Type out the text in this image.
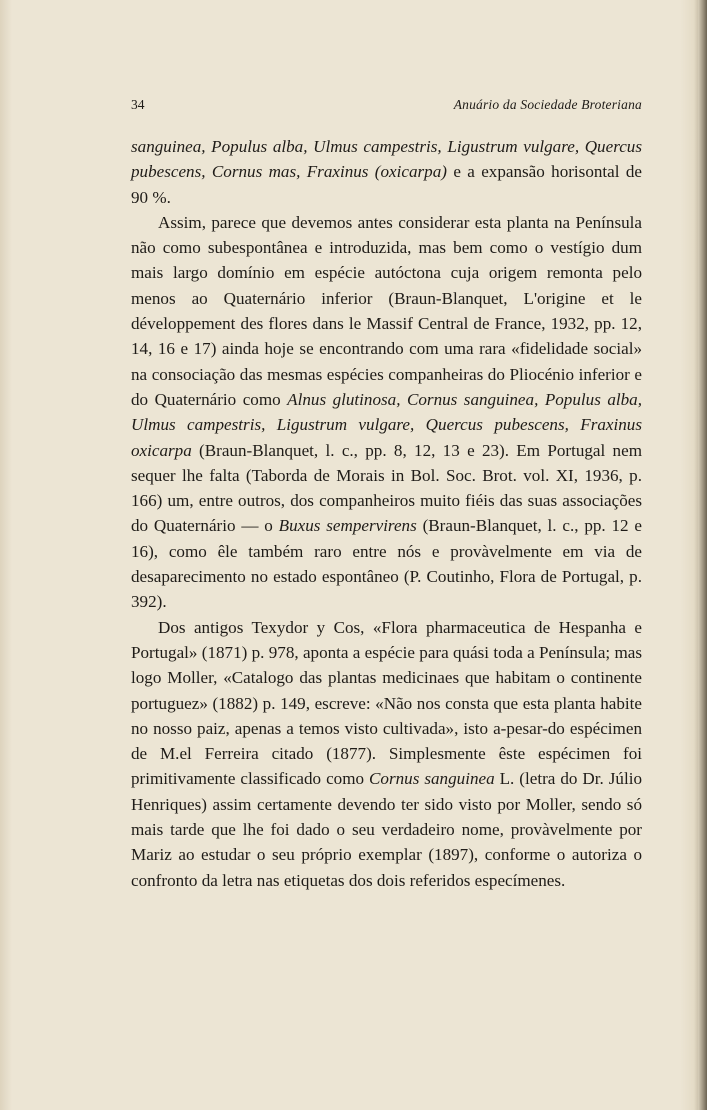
34	Anuário da Sociedade Broteriana

sanguinea, Populus alba, Ulmus campestris, Ligustrum vulgare, Quercus pubescens, Cornus mas, Fraxinus (oxicarpa) e a expansão horisontal de 90 %.

Assim, parece que devemos antes considerar esta planta na Península não como subespontânea e introduzida, mas bem como o vestígio dum mais largo domínio em espécie autóctona cuja origem remonta pelo menos ao Quaternário inferior (Braun-Blanquet, L'origine et le développement des flores dans le Massif Central de France, 1932, pp. 12, 14, 16 e 17) ainda hoje se encontrando com uma rara «fidelidade social» na consociação das mesmas espécies companheiras do Pliocénio inferior e do Quaternário como Alnus glutinosa, Cornus sanguinea, Populus alba, Ulmus campestris, Ligustrum vulgare, Quercus pubescens, Fraxinus oxicarpa (Braun-Blanquet, l. c., pp. 8, 12, 13 e 23). Em Portugal nem sequer lhe falta (Taborda de Morais in Bol. Soc. Brot. vol. XI, 1936, p. 166) um, entre outros, dos companheiros muito fiéis das suas associações do Quaternário — o Buxus sempervirens (Braun-Blanquet, l. c., pp. 12 e 16), como êle também raro entre nós e provàvelmente em via de desaparecimento no estado espontâneo (P. Coutinho, Flora de Portugal, p. 392).

Dos antigos Texydor y Cos, «Flora pharmaceutica de Hespanha e Portugal» (1871) p. 978, aponta a espécie para quási toda a Península; mas logo Moller, «Catalogo das plantas medicinaes que habitam o continente portuguez» (1882) p. 149, escreve: «Não nos consta que esta planta habite no nosso paiz, apenas a temos visto cultivada», isto a-pesar-do espécimen de M.el Ferreira citado (1877). Simplesmente êste espécimen foi primitivamente classificado como Cornus sanguinea L. (letra do Dr. Júlio Henriques) assim certamente devendo ter sido visto por Moller, sendo só mais tarde que lhe foi dado o seu verdadeiro nome, provàvelmente por Mariz ao estudar o seu próprio exemplar (1897), conforme o autoriza o confronto da letra nas etiquetas dos dois referidos especímenes.
